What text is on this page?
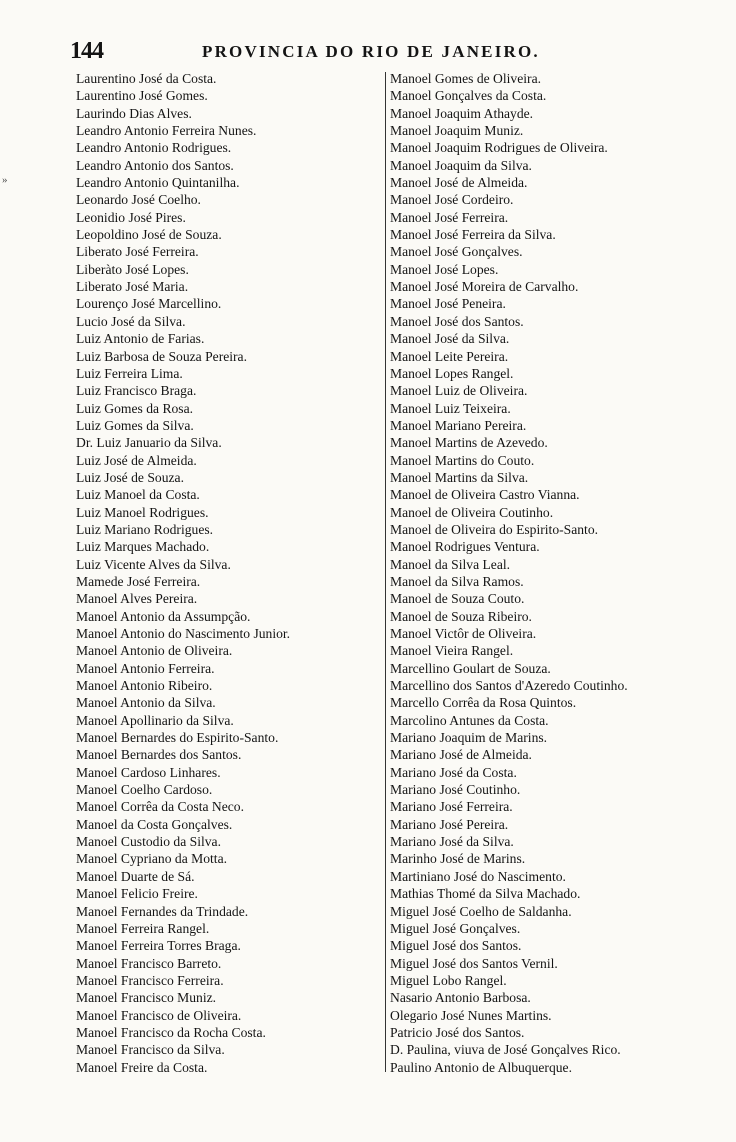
144	PROVINCIA DO RIO DE JANEIRO.
»
Laurentino José da Costa.
Laurentino José Gomes.
Laurindo Dias Alves.
Leandro Antonio Ferreira Nunes.
Leandro Antonio Rodrigues.
Leandro Antonio dos Santos.
Leandro Antonio Quintanilha.
Leonardo José Coelho.
Leonidio José Pires.
Leopoldino José de Souza.
Liberato José Ferreira.
Liberàto José Lopes.
Liberato José Maria.
Lourenço José Marcellino.
Lucio José da Silva.
Luiz Antonio de Farias.
Luiz Barbosa de Souza Pereira.
Luiz Ferreira Lima.
Luiz Francisco Braga.
Luiz Gomes da Rosa.
Luiz Gomes da Silva.
Dr. Luiz Januario da Silva.
Luiz José de Almeida.
Luiz José de Souza.
Luiz Manoel da Costa.
Luiz Manoel Rodrigues.
Luiz Mariano Rodrigues.
Luiz Marques Machado.
Luiz Vicente Alves da Silva.
Mamede José Ferreira.
Manoel Alves Pereira.
Manoel Antonio da Assumpção.
Manoel Antonio do Nascimento Junior.
Manoel Antonio de Oliveira.
Manoel Antonio Ferreira.
Manoel Antonio Ribeiro.
Manoel Antonio da Silva.
Manoel Apollinario da Silva.
Manoel Bernardes do Espirito-Santo.
Manoel Bernardes dos Santos.
Manoel Cardoso Linhares.
Manoel Coelho Cardoso.
Manoel Corrêa da Costa Neco.
Manoel da Costa Gonçalves.
Manoel Custodio da Silva.
Manoel Cypriano da Motta.
Manoel Duarte de Sá.
Manoel Felicio Freire.
Manoel Fernandes da Trindade.
Manoel Ferreira Rangel.
Manoel Ferreira Torres Braga.
Manoel Francisco Barreto.
Manoel Francisco Ferreira.
Manoel Francisco Muniz.
Manoel Francisco de Oliveira.
Manoel Francisco da Rocha Costa.
Manoel Francisco da Silva.
Manoel Freire da Costa.
Manoel Gomes de Oliveira.
Manoel Gonçalves da Costa.
Manoel Joaquim Athayde.
Manoel Joaquim Muniz.
Manoel Joaquim Rodrigues de Oliveira.
Manoel Joaquim da Silva.
Manoel José de Almeida.
Manoel José Cordeiro.
Manoel José Ferreira.
Manoel José Ferreira da Silva.
Manoel José Gonçalves.
Manoel José Lopes.
Manoel José Moreira de Carvalho.
Manoel José Peneira.
Manoel José dos Santos.
Manoel José da Silva.
Manoel Leite Pereira.
Manoel Lopes Rangel.
Manoel Luiz de Oliveira.
Manoel Luiz Teixeira.
Manoel Mariano Pereira.
Manoel Martins de Azevedo.
Manoel Martins do Couto.
Manoel Martins da Silva.
Manoel de Oliveira Castro Vianna.
Manoel de Oliveira Coutinho.
Manoel de Oliveira do Espirito-Santo.
Manoel Rodrigues Ventura.
Manoel da Silva Leal.
Manoel da Silva Ramos.
Manoel de Souza Couto.
Manoel de Souza Ribeiro.
Manoel Victôr de Oliveira.
Manoel Vieira Rangel.
Marcellino Goulart de Souza.
Marcellino dos Santos d'Azeredo Coutinho.
Marcello Corrêa da Rosa Quintos.
Marcolino Antunes da Costa.
Mariano Joaquim de Marins.
Mariano José de Almeida.
Mariano José da Costa.
Mariano José Coutinho.
Mariano José Ferreira.
Mariano José Pereira.
Mariano José da Silva.
Marinho José de Marins.
Martiniano José do Nascimento.
Mathias Thomé da Silva Machado.
Miguel José Coelho de Saldanha.
Miguel José Gonçalves.
Miguel José dos Santos.
Miguel José dos Santos Vernil.
Miguel Lobo Rangel.
Nasario Antonio Barbosa.
Olegario José Nunes Martins.
Patricio José dos Santos.
D. Paulina, viuva de José Gonçalves Rico.
Paulino Antonio de Albuquerque.
